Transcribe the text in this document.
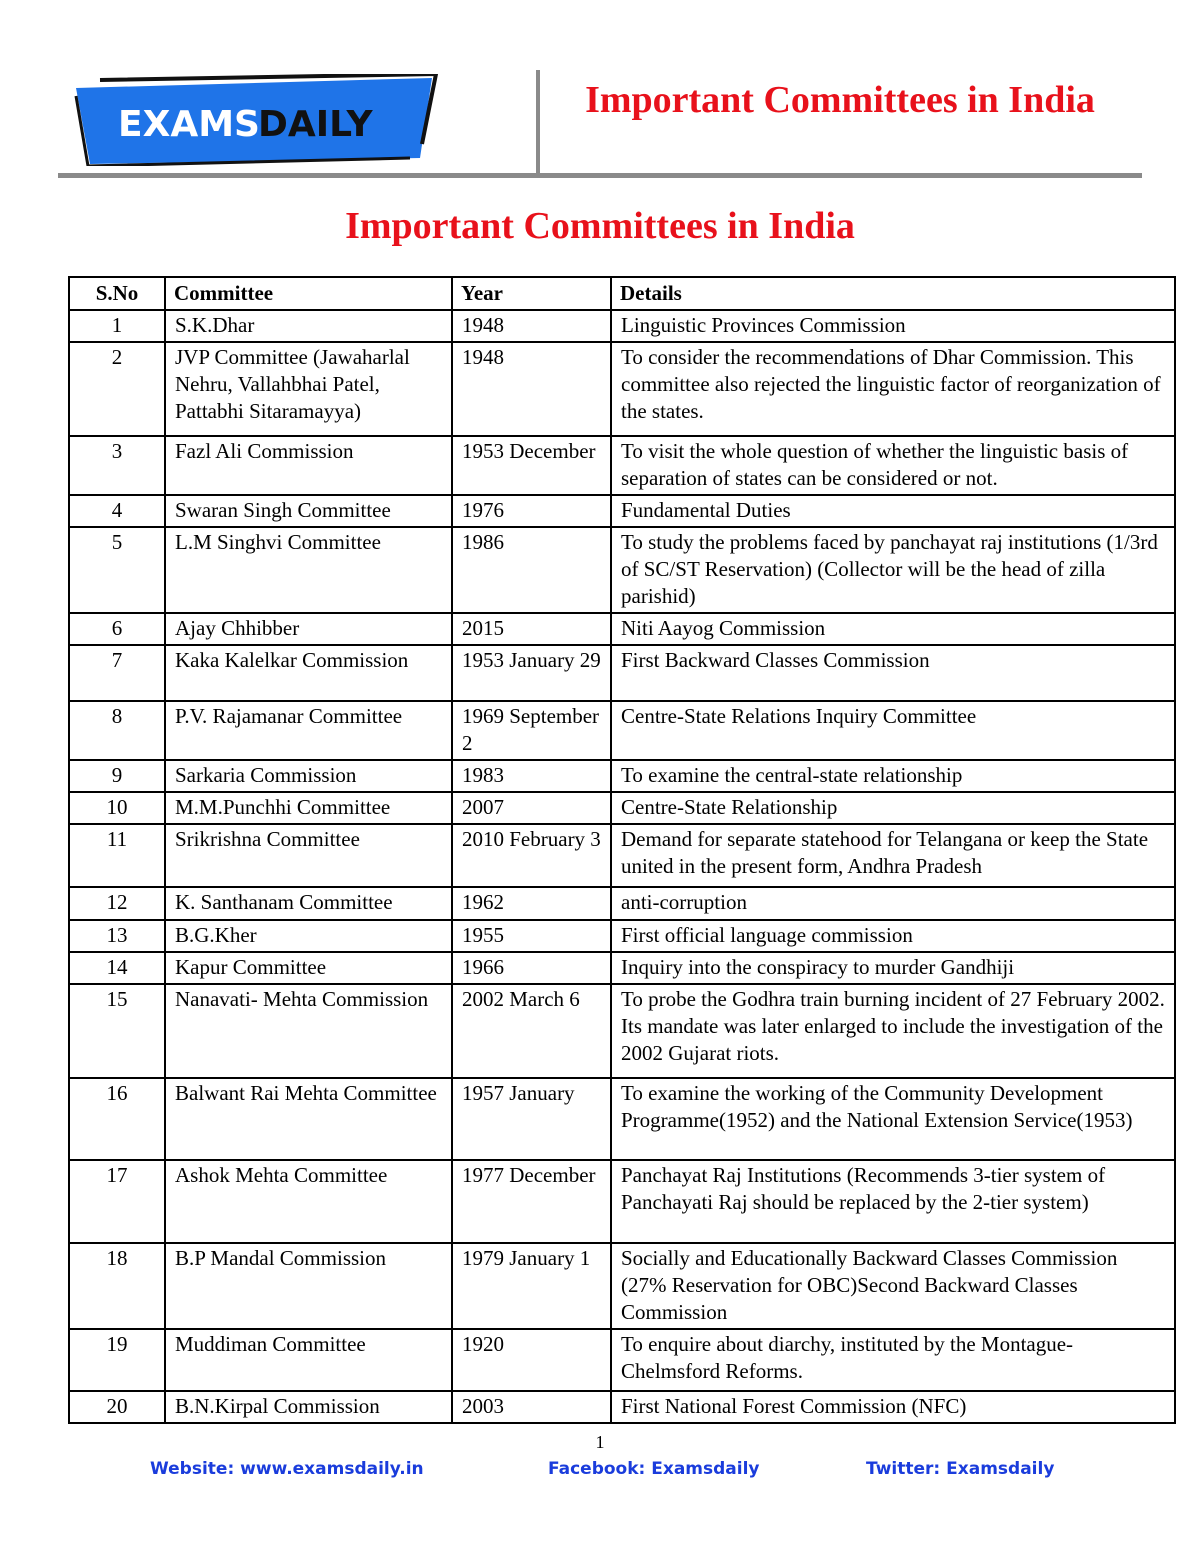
EXAMS
DAILY
Important Committees in India
Important Committees in India
S.No	Committee	Year	Details
1	S.K.Dhar	1948	Linguistic Provinces Commission
2	JVP Committee (Jawaharlal Nehru, Vallahbhai Patel, Pattabhi Sitaramayya)	1948	To consider the recommendations of Dhar Commission. This committee also rejected the linguistic factor of reorganization of the states.
3	Fazl Ali Commission	1953 December	To visit the whole question of whether the linguistic basis of separation of states can be considered or not.
4	Swaran Singh Committee	1976	Fundamental Duties
5	L.M Singhvi Committee	1986	To study the problems faced by panchayat raj institutions (1/3rd of SC/ST Reservation) (Collector will be the head of zilla parishid)
6	Ajay Chhibber	2015	Niti Aayog Commission
7	Kaka Kalelkar Commission	1953 January 29	First Backward Classes Commission
8	P.V. Rajamanar Committee	1969 September 2	Centre-State Relations Inquiry Committee
9	Sarkaria Commission	1983	To examine the central-state relationship
10	M.M.Punchhi Committee	2007	Centre-State Relationship
11	Srikrishna Committee	2010 February 3	Demand for separate statehood for Telangana or keep the State united in the present form, Andhra Pradesh
12	K. Santhanam Committee	1962	anti-corruption
13	B.G.Kher	1955	First official language commission
14	Kapur Committee	1966	Inquiry into the conspiracy to murder Gandhiji
15	Nanavati- Mehta Commission	2002 March 6	To probe the Godhra train burning incident of 27 February 2002. Its mandate was later enlarged to include the investigation of the 2002 Gujarat riots.
16	Balwant Rai Mehta Committee	1957 January	To examine the working of the Community Development Programme(1952) and the National Extension Service(1953)
17	Ashok Mehta Committee	1977 December	Panchayat Raj Institutions (Recommends 3-tier system of Panchayati Raj should be replaced by the 2-tier system)
18	B.P Mandal Commission	1979 January 1	Socially and Educationally Backward Classes Commission (27% Reservation for OBC)Second Backward Classes Commission
19	Muddiman Committee	1920	To enquire about diarchy, instituted by the Montague-Chelmsford Reforms.
20	B.N.Kirpal Commission	2003	First National Forest Commission (NFC)
1
Website: www.examsdaily.in	Facebook: Examsdaily	Twitter: Examsdaily
